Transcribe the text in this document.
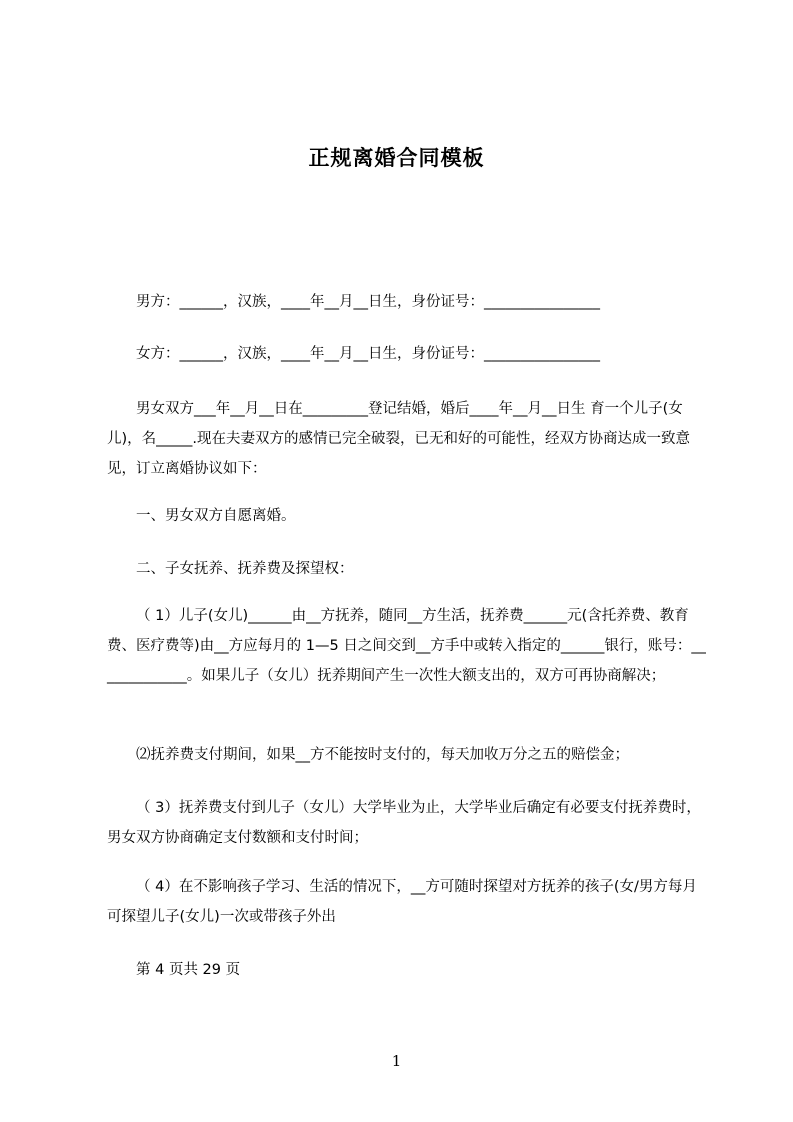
正规离婚合同模板

男方：______，汉族，____年__月__日生，身份证号：________________

女方：______，汉族，____年__月__日生，身份证号：________________

男女双方___年__月__日在_________登记结婚，婚后____年__月__日生 育一个儿子(女儿)，名_____.现在夫妻双方的感情已完全破裂，已无和好的可能性，经双方协商达成一致意见，订立离婚协议如下：

一、男女双方自愿离婚。

二、子女抚养、抚养费及探望权：

（ 1）儿子(女儿)______由__方抚养，随同__方生活，抚养费______元(含托养费、教育费、医疗费等)由__方应每月的 1—5 日之间交到__方手中或转入指定的______银行，账号：_____________。如果儿子（女儿）抚养期间产生一次性大额支出的，双方可再协商解决；

⑵抚养费支付期间，如果__方不能按时支付的，每天加收万分之五的赔偿金；

（ 3）抚养费支付到儿子（女儿）大学毕业为止，大学毕业后确定有必要支付抚养费时，男女双方协商确定支付数额和支付时间；

（ 4）在不影响孩子学习、生活的情况下，__方可随时探望对方抚养的孩子(女/男方每月可探望儿子(女儿)一次或带孩子外出

第 4 页共 29 页

1
